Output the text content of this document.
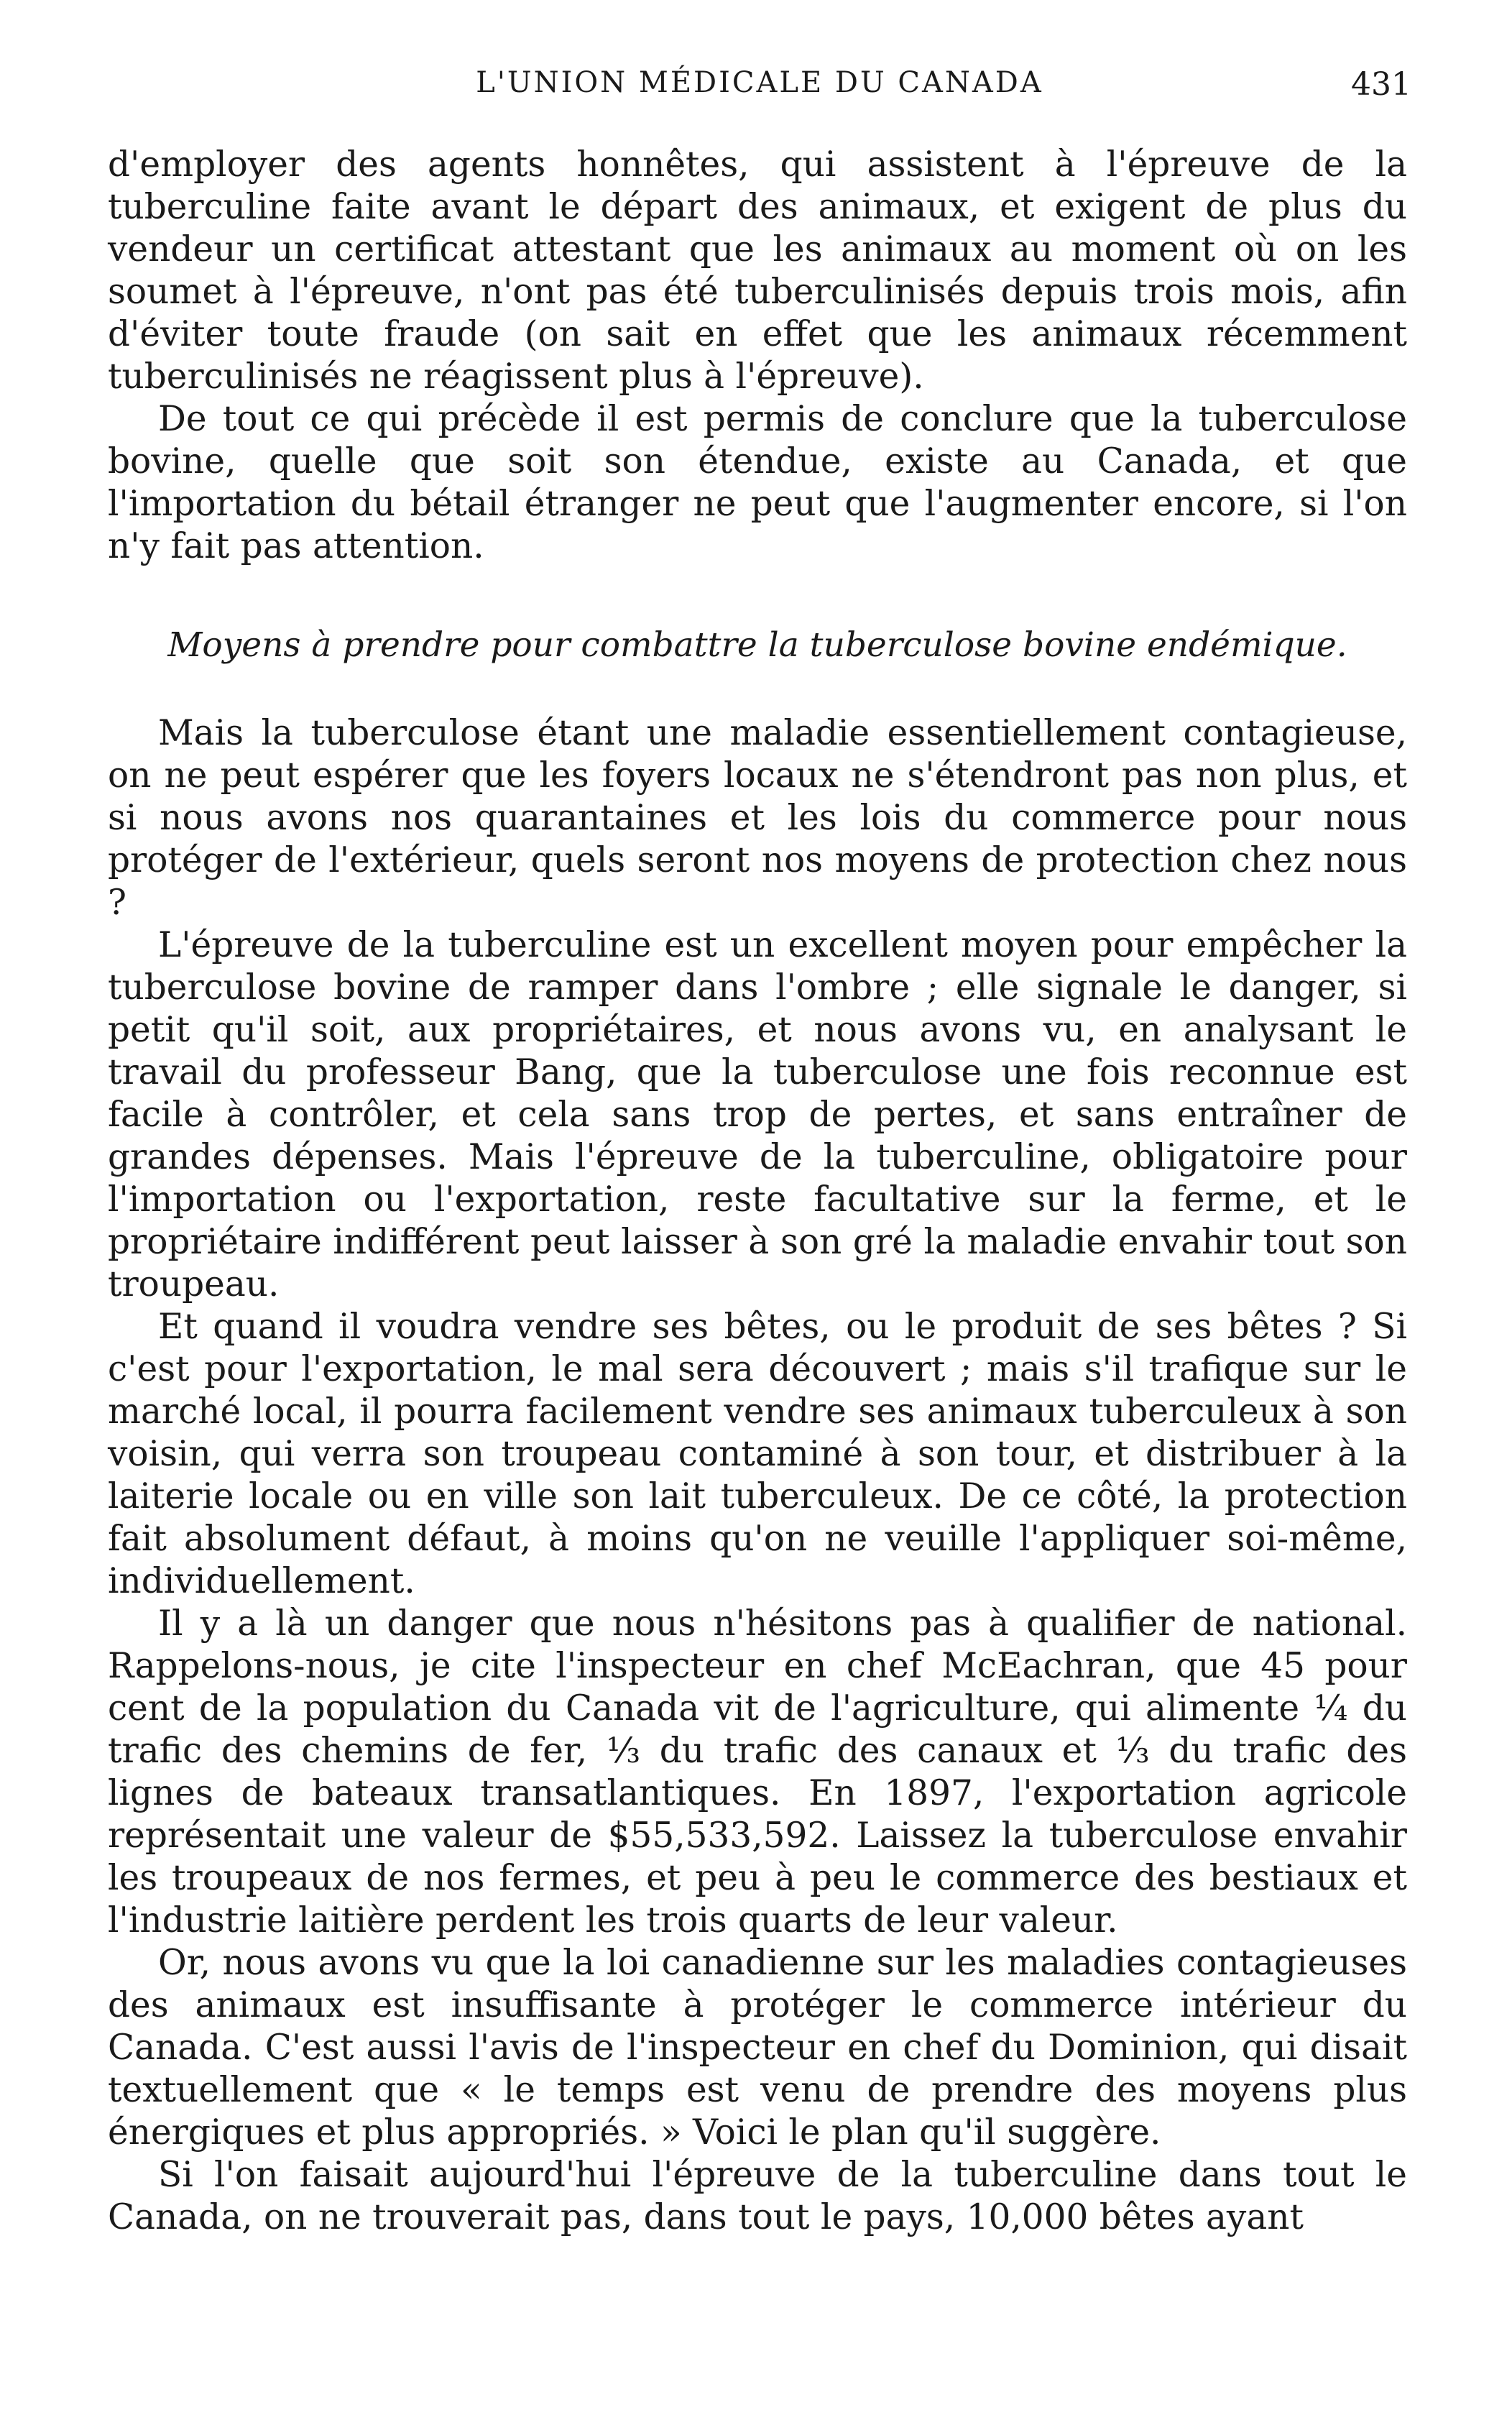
L'UNION MÉDICALE DU CANADA	431

d'employer des agents honnêtes, qui assistent à l'épreuve de la tuberculine faite avant le départ des animaux, et exigent de plus du vendeur un certificat attestant que les animaux au moment où on les soumet à l'épreuve, n'ont pas été tuberculinisés depuis trois mois, afin d'éviter toute fraude (on sait en effet que les animaux récemment tuberculinisés ne réagissent plus à l'épreuve).

De tout ce qui précède il est permis de conclure que la tuberculose bovine, quelle que soit son étendue, existe au Canada, et que l'importation du bétail étranger ne peut que l'augmenter encore, si l'on n'y fait pas attention.

Moyens à prendre pour combattre la tuberculose bovine endémique.

Mais la tuberculose étant une maladie essentiellement contagieuse, on ne peut espérer que les foyers locaux ne s'étendront pas non plus, et si nous avons nos quarantaines et les lois du commerce pour nous protéger de l'extérieur, quels seront nos moyens de protection chez nous ?

L'épreuve de la tuberculine est un excellent moyen pour empêcher la tuberculose bovine de ramper dans l'ombre ; elle signale le danger, si petit qu'il soit, aux propriétaires, et nous avons vu, en analysant le travail du professeur Bang, que la tuberculose une fois reconnue est facile à contrôler, et cela sans trop de pertes, et sans entraîner de grandes dépenses. Mais l'épreuve de la tuberculine, obligatoire pour l'importation ou l'exportation, reste facultative sur la ferme, et le propriétaire indifférent peut laisser à son gré la maladie envahir tout son troupeau.

Et quand il voudra vendre ses bêtes, ou le produit de ses bêtes ? Si c'est pour l'exportation, le mal sera découvert ; mais s'il trafique sur le marché local, il pourra facilement vendre ses animaux tuberculeux à son voisin, qui verra son troupeau contaminé à son tour, et distribuer à la laiterie locale ou en ville son lait tuberculeux. De ce côté, la protection fait absolument défaut, à moins qu'on ne veuille l'appliquer soi-même, individuellement.

Il y a là un danger que nous n'hésitons pas à qualifier de national. Rappelons-nous, je cite l'inspecteur en chef McEachran, que 45 pour cent de la population du Canada vit de l'agriculture, qui alimente ¼ du trafic des chemins de fer, ⅓ du trafic des canaux et ⅓ du trafic des lignes de bateaux transatlantiques. En 1897, l'exportation agricole représentait une valeur de $55,533,592. Laissez la tuberculose envahir les troupeaux de nos fermes, et peu à peu le commerce des bestiaux et l'industrie laitière perdent les trois quarts de leur valeur.

Or, nous avons vu que la loi canadienne sur les maladies contagieuses des animaux est insuffisante à protéger le commerce intérieur du Canada. C'est aussi l'avis de l'inspecteur en chef du Dominion, qui disait textuellement que « le temps est venu de prendre des moyens plus énergiques et plus appropriés. » Voici le plan qu'il suggère.

Si l'on faisait aujourd'hui l'épreuve de la tuberculine dans tout le Canada, on ne trouverait pas, dans tout le pays, 10,000 bêtes ayant
